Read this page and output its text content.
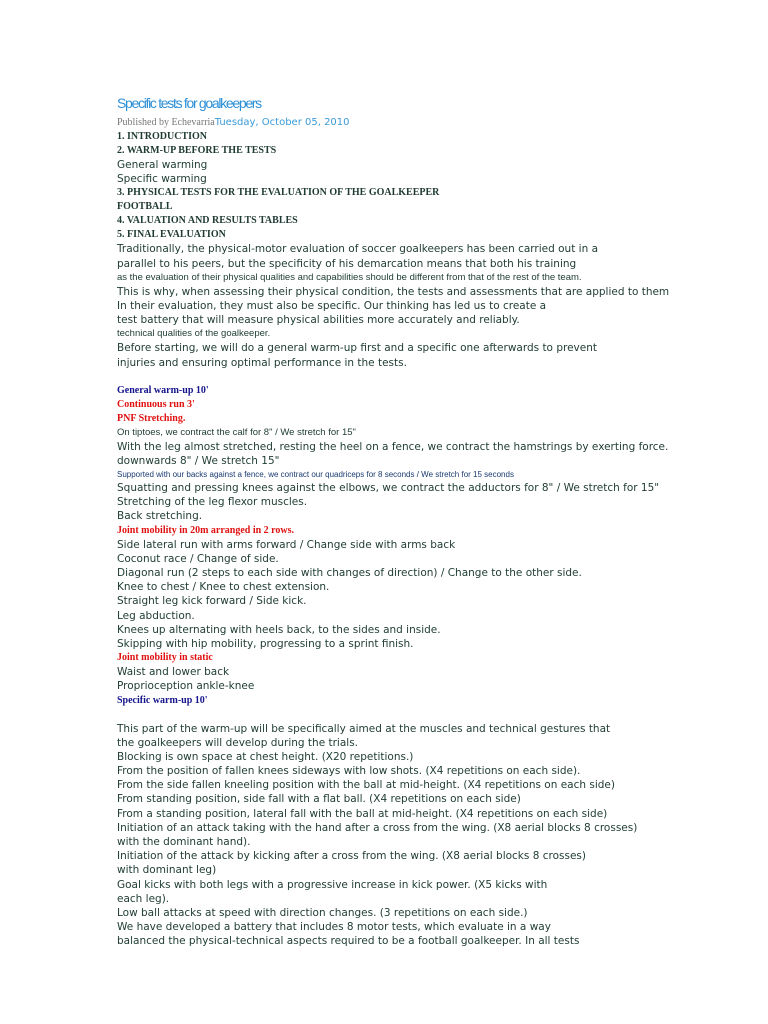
Specific tests for goalkeepers
Published by EchevarriaTuesday, October 05, 2010
1. INTRODUCTION
2. WARM-UP BEFORE THE TESTS
General warming
Specific warming
3. PHYSICAL TESTS FOR THE EVALUATION OF THE GOALKEEPER
FOOTBALL
4. VALUATION AND RESULTS TABLES
5. FINAL EVALUATION
Traditionally, the physical-motor evaluation of soccer goalkeepers has been carried out in a
parallel to his peers, but the specificity of his demarcation means that both his training
as the evaluation of their physical qualities and capabilities should be different from that of the rest of the team.
This is why, when assessing their physical condition, the tests and assessments that are applied to them
In their evaluation, they must also be specific. Our thinking has led us to create a
test battery that will measure physical abilities more accurately and reliably.
technical qualities of the goalkeeper.
Before starting, we will do a general warm-up first and a specific one afterwards to prevent
injuries and ensuring optimal performance in the tests.
General warm-up 10'
Continuous run 3'
PNF Stretching.
On tiptoes, we contract the calf for 8" / We stretch for 15"
With the leg almost stretched, resting the heel on a fence, we contract the hamstrings by exerting force.
downwards 8" / We stretch 15"
Supported with our backs against a fence, we contract our quadriceps for 8 seconds / We stretch for 15 seconds
Squatting and pressing knees against the elbows, we contract the adductors for 8" / We stretch for 15"
Stretching of the leg flexor muscles.
Back stretching.
Joint mobility in 20m arranged in 2 rows.
Side lateral run with arms forward / Change side with arms back
Coconut race / Change of side.
Diagonal run (2 steps to each side with changes of direction) / Change to the other side.
Knee to chest / Knee to chest extension.
Straight leg kick forward / Side kick.
Leg abduction.
Knees up alternating with heels back, to the sides and inside.
Skipping with hip mobility, progressing to a sprint finish.
Joint mobility in static
Waist and lower back
Proprioception ankle-knee
Specific warm-up 10'
This part of the warm-up will be specifically aimed at the muscles and technical gestures that
the goalkeepers will develop during the trials.
Blocking is own space at chest height. (X20 repetitions.)
From the position of fallen knees sideways with low shots. (X4 repetitions on each side).
From the side fallen kneeling position with the ball at mid-height. (X4 repetitions on each side)
From standing position, side fall with a flat ball. (X4 repetitions on each side)
From a standing position, lateral fall with the ball at mid-height. (X4 repetitions on each side)
Initiation of an attack taking with the hand after a cross from the wing. (X8 aerial blocks 8 crosses)
with the dominant hand).
Initiation of the attack by kicking after a cross from the wing. (X8 aerial blocks 8 crosses)
with dominant leg)
Goal kicks with both legs with a progressive increase in kick power. (X5 kicks with
each leg).
Low ball attacks at speed with direction changes. (3 repetitions on each side.)
We have developed a battery that includes 8 motor tests, which evaluate in a way
balanced the physical-technical aspects required to be a football goalkeeper. In all tests
